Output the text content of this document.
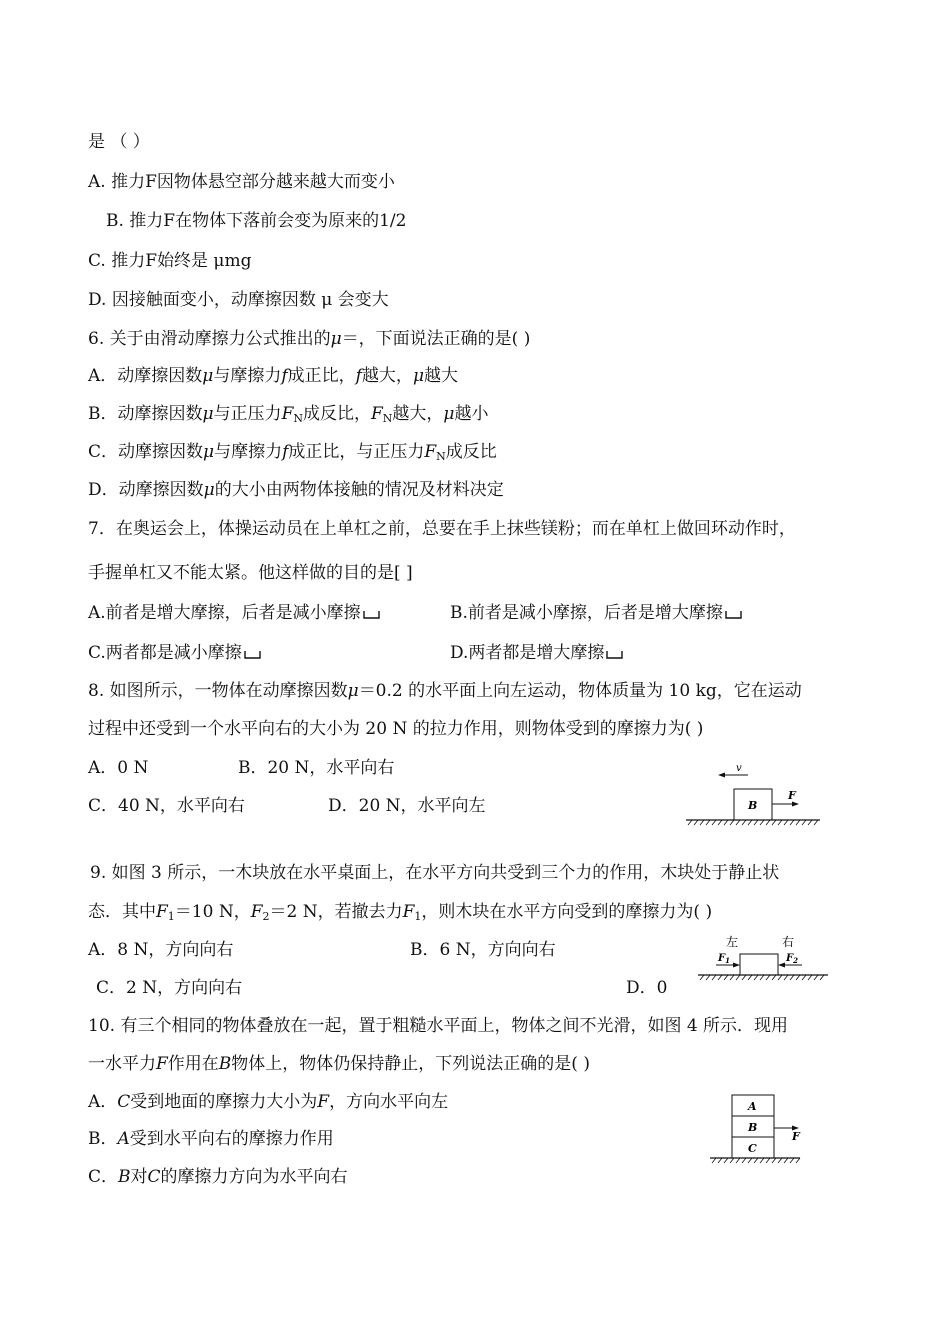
是 （ ）
A. 推力F因物体悬空部分越来越大而变小
B. 推力F在物体下落前会变为原来的1/2
C. 推力F始终是 μmg
D. 因接触面变小，动摩擦因数 μ 会变大
6. 关于由滑动摩擦力公式推出的μ＝，下面说法正确的是( )
A．动摩擦因数μ与摩擦力f成正比，f越大，μ越大
B．动摩擦因数μ与正压力$F_N$成反比，$F_N$越大，μ越小
C．动摩擦因数μ与摩擦力f成正比，与正压力$F_N$成反比
D．动摩擦因数μ的大小由两物体接触的情况及材料决定
7．在奥运会上，体操运动员在上单杠之前，总要在手上抹些镁粉；而在单杠上做回环动作时，
手握单杠又不能太紧。他这样做的目的是[ ]
A.前者是增大摩擦，后者是减小摩擦	B.前者是减小摩擦，后者是增大摩擦
C.两者都是减小摩擦	D.两者都是增大摩擦
8. 如图所示，一物体在动摩擦因数μ＝0.2 的水平面上向左运动，物体质量为 10 kg，它在运动
过程中还受到一个水平向右的大小为 20 N 的拉力作用，则物体受到的摩擦力为( )
A．0 N	B．20 N，水平向右
C．40 N，水平向右	D．20 N，水平向左
v
B
F
9. 如图 3 所示，一木块放在水平桌面上，在水平方向共受到三个力的作用，木块处于静止状
态．其中$F_1=10$ N，$F_2=2$ N，若撤去力$F_1$，则木块在水平方向受到的摩擦力为( )
A．8 N，方向向右	B．6 N，方向向右
C．2 N，方向向右	D．0
左	右
$F_1$	$F_2$
10. 有三个相同的物体叠放在一起，置于粗糙水平面上，物体之间不光滑，如图 4 所示．现用
一水平力F作用在B物体上，物体仍保持静止，下列说法正确的是( )
A．C受到地面的摩擦力大小为F，方向水平向左
B．A受到水平向右的摩擦力作用
C．B对C的摩擦力方向为水平向右
A
B
C
F
